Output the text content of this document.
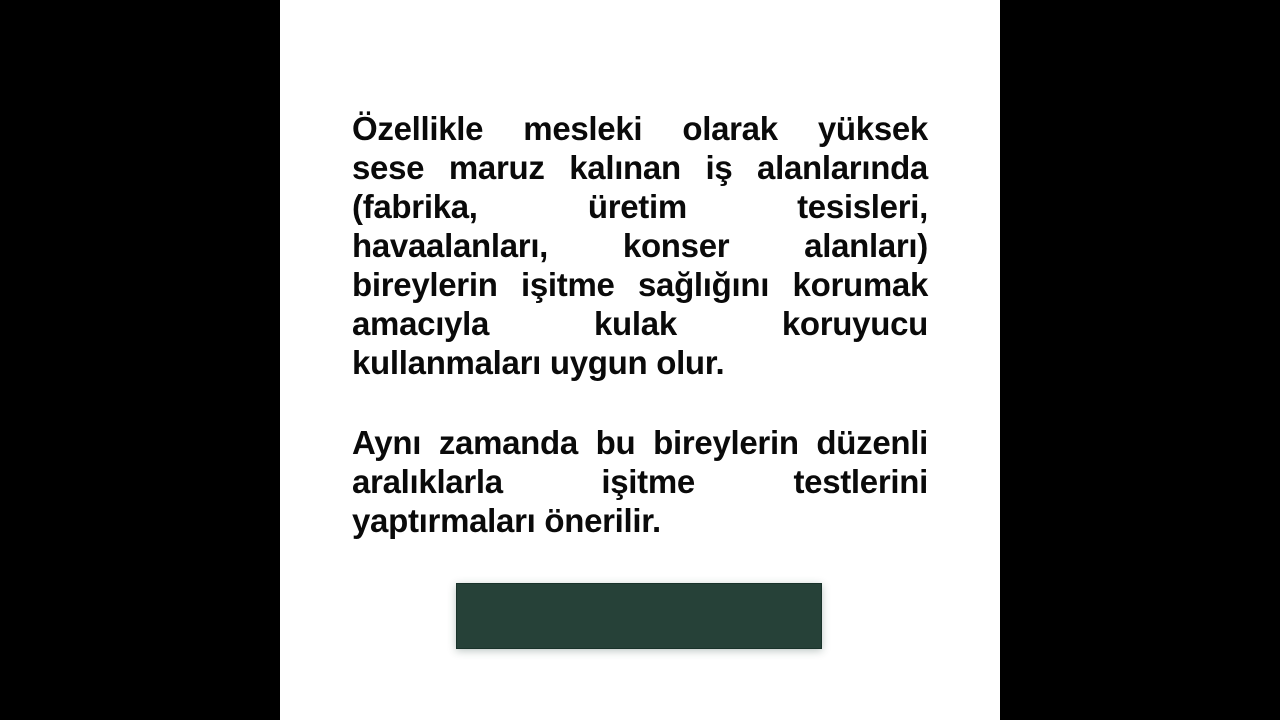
Özellikle mesleki olarak yüksek
sese maruz kalınan iş alanlarında
(fabrika, üretim tesisleri,
havaalanları, konser alanları)
bireylerin işitme sağlığını korumak
amacıyla kulak koruyucu
kullanmaları uygun olur.
Aynı zamanda bu bireylerin düzenli
aralıklarla işitme testlerini
yaptırmaları önerilir.
